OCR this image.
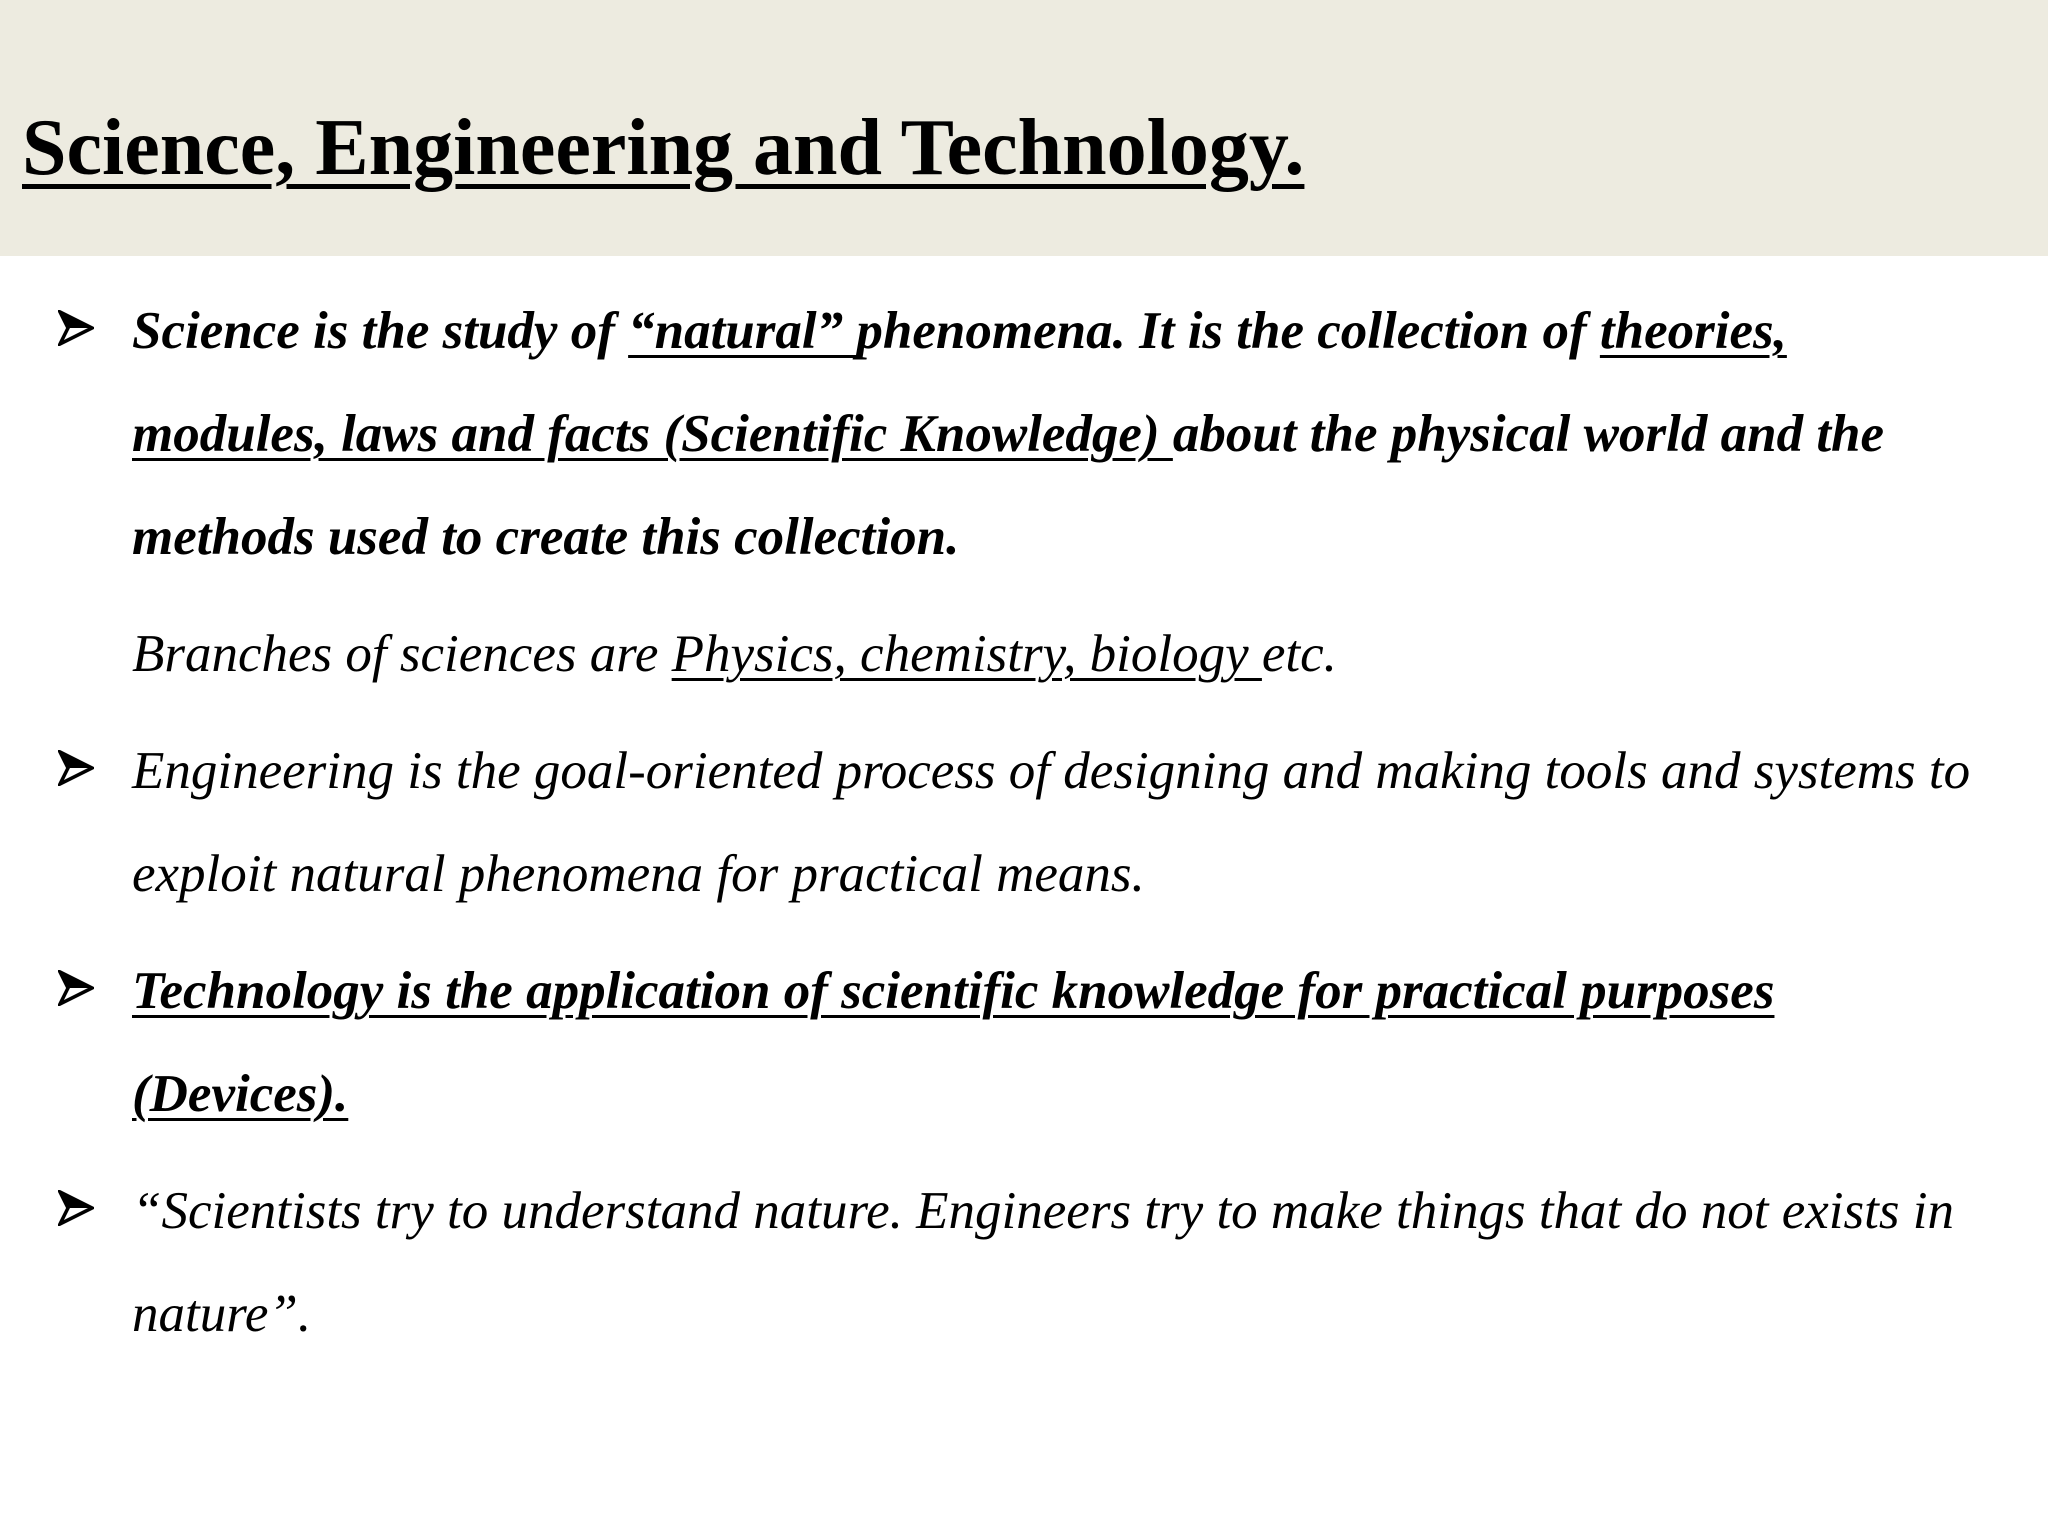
Science, Engineering and Technology.

Science is the study of “natural” phenomena. It is the collection of theories, modules, laws and facts (Scientific Knowledge) about the physical world and the methods used to create this collection.

Branches of sciences are Physics, chemistry, biology etc.

Engineering is the goal-oriented process of designing and making tools and systems to exploit natural phenomena for practical means.

Technology is the application of scientific knowledge for practical purposes (Devices).

“Scientists try to understand nature. Engineers try to make things that do not exists in nature”.
